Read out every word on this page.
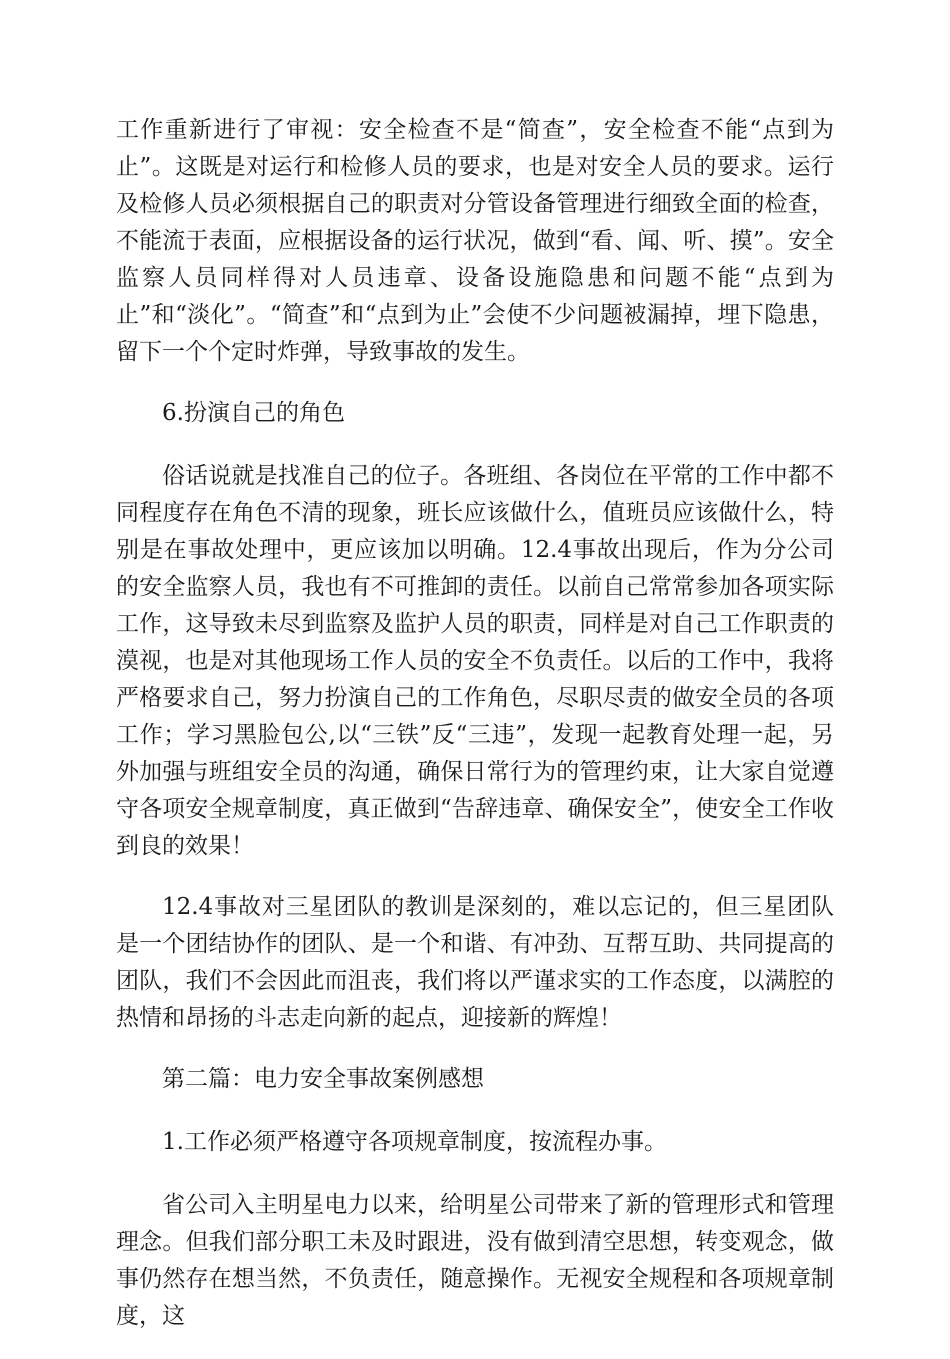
工作重新进行了审视：安全检查不是“简查”，安全检查不能“点到为止”。这既是对运行和检修人员的要求，也是对安全人员的要求。运行及检修人员必须根据自己的职责对分管设备管理进行细致全面的检查，不能流于表面，应根据设备的运行状况，做到“看、闻、听、摸”。安全监察人员同样得对人员违章、设备设施隐患和问题不能“点到为止”和“淡化”。“简查”和“点到为止”会使不少问题被漏掉，埋下隐患，留下一个个定时炸弹，导致事故的发生。

6.扮演自己的角色

俗话说就是找准自己的位子。各班组、各岗位在平常的工作中都不同程度存在角色不清的现象，班长应该做什么，值班员应该做什么，特别是在事故处理中，更应该加以明确。12.4事故出现后，作为分公司的安全监察人员，我也有不可推卸的责任。以前自己常常参加各项实际工作，这导致未尽到监察及监护人员的职责，同样是对自己工作职责的漠视，也是对其他现场工作人员的安全不负责任。以后的工作中，我将严格要求自己，努力扮演自己的工作角色，尽职尽责的做安全员的各项工作；学习黑脸包公,以“三铁”反“三违”，发现一起教育处理一起，另外加强与班组安全员的沟通，确保日常行为的管理约束，让大家自觉遵守各项安全规章制度，真正做到“告辞违章、确保安全”，使安全工作收到良的效果！

12.4事故对三星团队的教训是深刻的，难以忘记的，但三星团队是一个团结协作的团队、是一个和谐、有冲劲、互帮互助、共同提高的团队，我们不会因此而沮丧，我们将以严谨求实的工作态度，以满腔的热情和昂扬的斗志走向新的起点，迎接新的辉煌！

第二篇：电力安全事故案例感想

1.工作必须严格遵守各项规章制度，按流程办事。

省公司入主明星电力以来，给明星公司带来了新的管理形式和管理理念。但我们部分职工未及时跟进，没有做到清空思想，转变观念，做事仍然存在想当然，不负责任，随意操作。无视安全规程和各项规章制度，这
